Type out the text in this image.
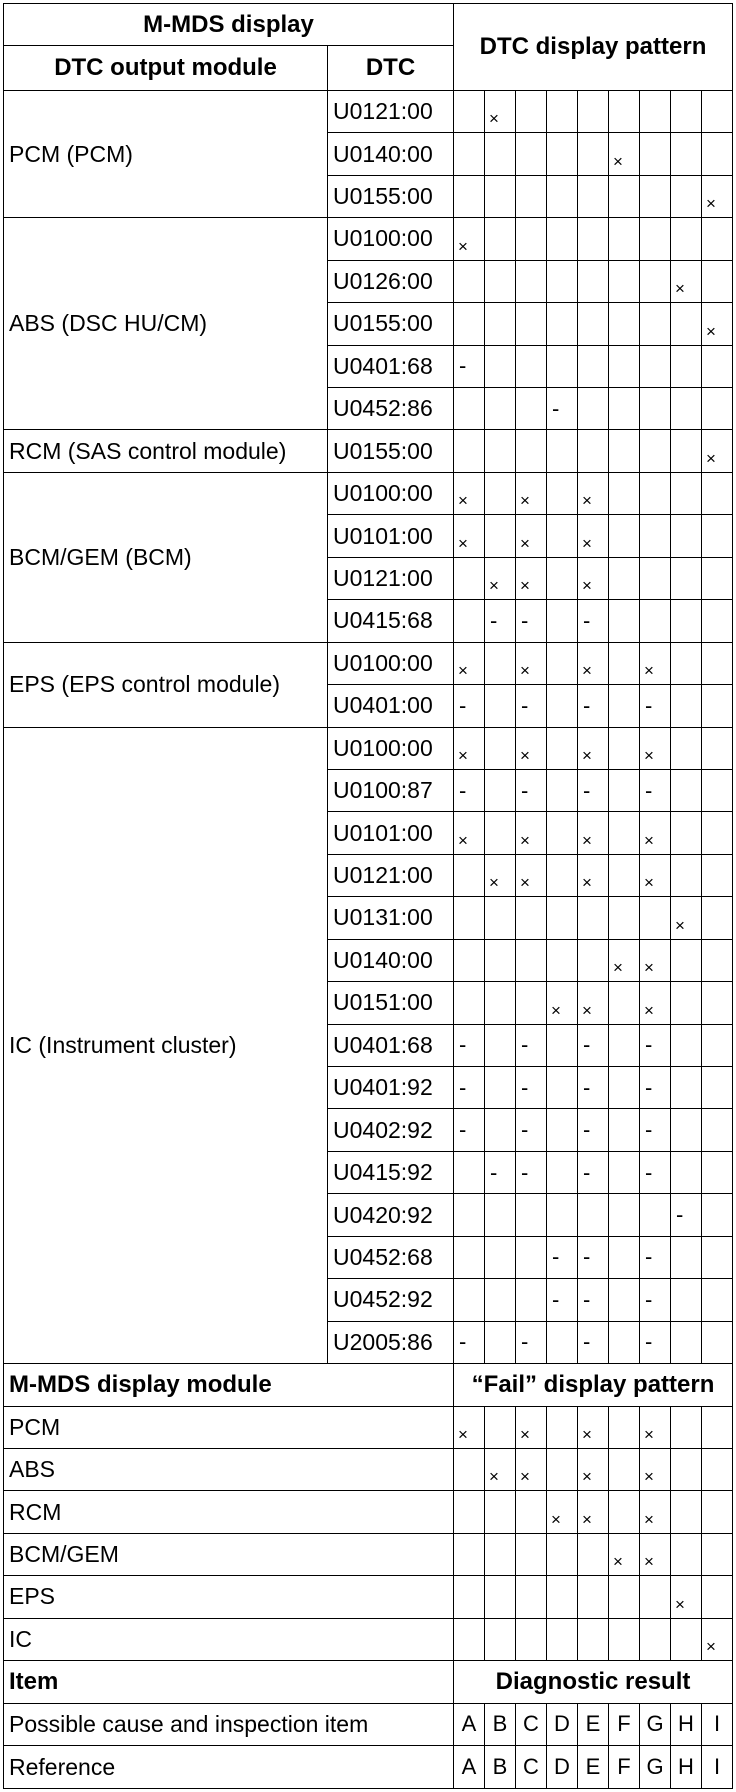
M-MDS display		DTC display pattern								
DTC output module	DTC									
PCM (PCM)	U0121:00		×							
	U0140:00						×			
	U0155:00									×
ABS (DSC HU/CM)	U0100:00	×								
	U0126:00								×	
	U0155:00									×
	U0401:68	-								
	U0452:86				-					
RCM (SAS control module)	U0155:00									×
BCM/GEM (BCM)	U0100:00	×		×		×				
	U0101:00	×		×		×				
	U0121:00		×	×		×				
	U0415:68		-	-		-				
EPS (EPS control module)	U0100:00	×		×		×		×		
	U0401:00	-		-		-		-		
IC (Instrument cluster)	U0100:00	×		×		×		×		
	U0100:87	-		-		-		-		
	U0101:00	×		×		×		×		
	U0121:00		×	×		×		×		
	U0131:00								×	
	U0140:00						×	×		
	U0151:00				×	×		×		
	U0401:68	-		-		-		-		
	U0401:92	-		-		-		-		
	U0402:92	-		-		-		-		
	U0415:92		-	-		-		-		
	U0420:92								-	
	U0452:68				-	-		-		
	U0452:92				-	-		-		
	U2005:86	-		-		-		-		
M-MDS display module		“Fail” display pattern								
PCM		×		×		×		×		
ABS			×	×		×		×		
RCM					×	×		×		
BCM/GEM							×	×		
EPS									×	
IC										×
Item		Diagnostic result								
Possible cause and inspection item		A	B	C	D	E	F	G	H	I
Reference		A	B	C	D	E	F	G	H	I
